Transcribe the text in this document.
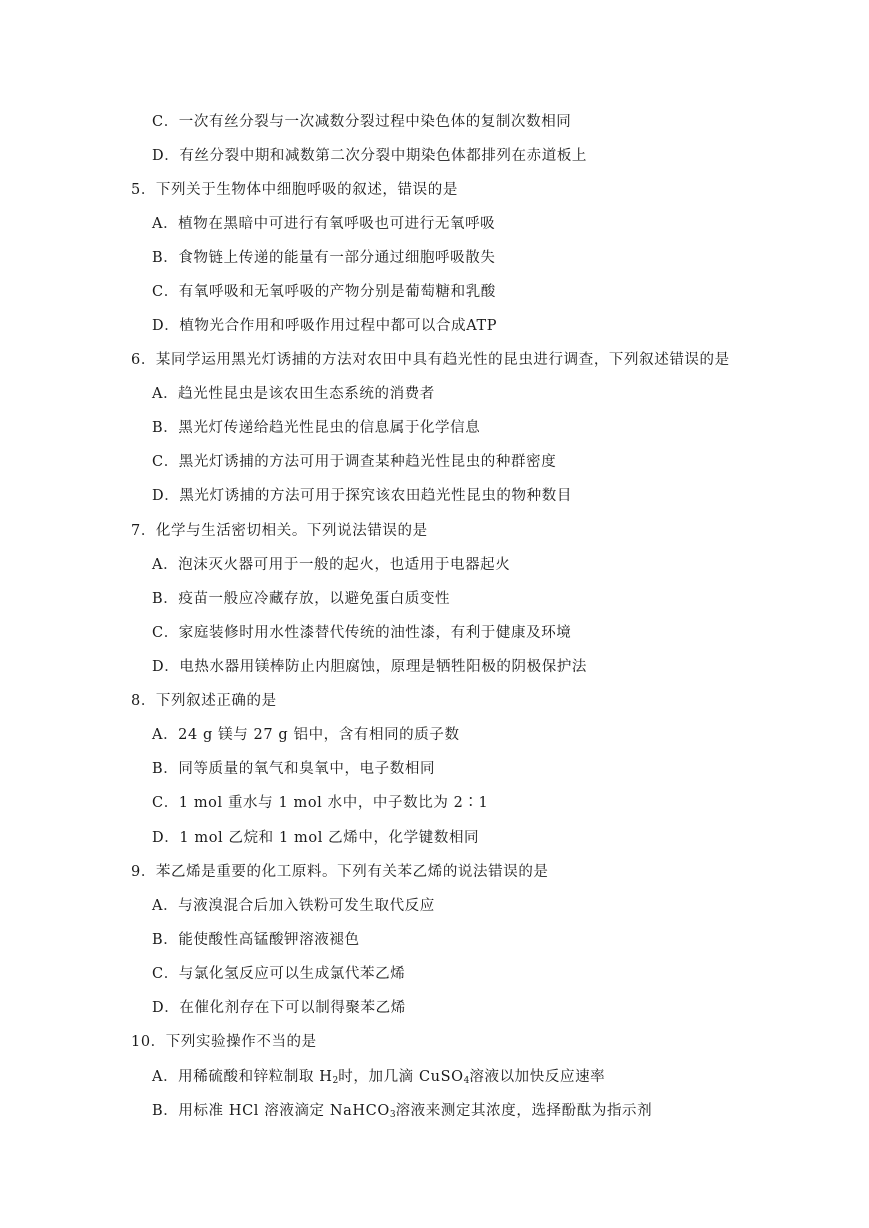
C．一次有丝分裂与一次减数分裂过程中染色体的复制次数相同
D．有丝分裂中期和减数第二次分裂中期染色体都排列在赤道板上
5．下列关于生物体中细胞呼吸的叙述，错误的是
A．植物在黑暗中可进行有氧呼吸也可进行无氧呼吸
B．食物链上传递的能量有一部分通过细胞呼吸散失
C．有氧呼吸和无氧呼吸的产物分别是葡萄糖和乳酸
D．植物光合作用和呼吸作用过程中都可以合成ATP
6．某同学运用黑光灯诱捕的方法对农田中具有趋光性的昆虫进行调查，下列叙述错误的是
A．趋光性昆虫是该农田生态系统的消费者
B．黑光灯传递给趋光性昆虫的信息属于化学信息
C．黑光灯诱捕的方法可用于调查某种趋光性昆虫的种群密度
D．黑光灯诱捕的方法可用于探究该农田趋光性昆虫的物种数目
7．化学与生活密切相关。下列说法错误的是
A．泡沫灭火器可用于一般的起火，也适用于电器起火
B．疫苗一般应冷藏存放，以避免蛋白质变性
C．家庭装修时用水性漆替代传统的油性漆，有利于健康及环境
D．电热水器用镁棒防止内胆腐蚀，原理是牺牲阳极的阴极保护法
8．下列叙述正确的是
A．24 g 镁与 27 g 铝中，含有相同的质子数
B．同等质量的氧气和臭氧中，电子数相同
C．1 mol 重水与 1 mol 水中，中子数比为 2∶1
D．1 mol 乙烷和 1 mol 乙烯中，化学键数相同
9．苯乙烯是重要的化工原料。下列有关苯乙烯的说法错误的是
A．与液溴混合后加入铁粉可发生取代反应
B．能使酸性高锰酸钾溶液褪色
C．与氯化氢反应可以生成氯代苯乙烯
D．在催化剂存在下可以制得聚苯乙烯
10．下列实验操作不当的是
A．用稀硫酸和锌粒制取 $H_2$时，加几滴 CuSO$_4$溶液以加快反应速率
B．用标准 HCl 溶液滴定 NaHCO$_3$溶液来测定其浓度，选择酚酞为指示剂
